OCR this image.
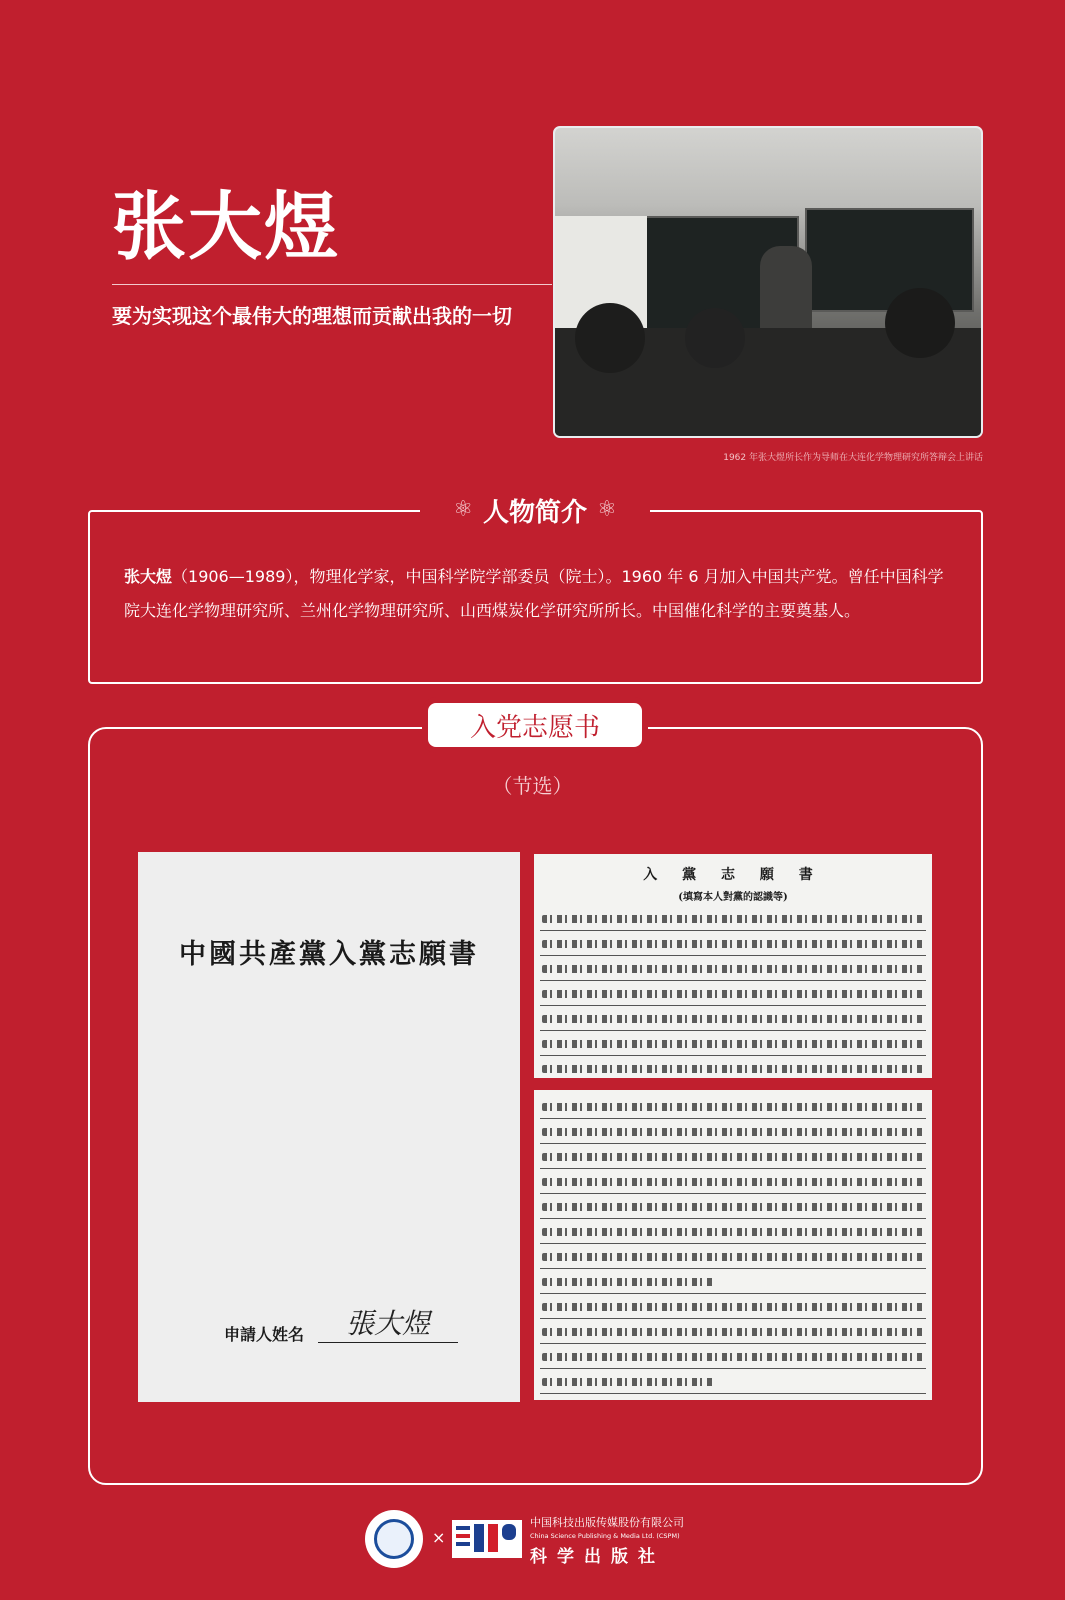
张大煜
要为实现这个最伟大的理想而贡献出我的一切
1962 年张大煜所长作为导师在大连化学物理研究所答辩会上讲话
⚛ 人物简介 ⚛
张大煜（1906—1989），物理化学家，中国科学院学部委员（院士）。1960 年 6 月加入中国共产党。曾任中国科学院大连化学物理研究所、兰州化学物理研究所、山西煤炭化学研究所所长。中国催化科学的主要奠基人。
入党志愿书
（节选）
中國共產黨入黨志願書
申請人姓名	張大煜
入 黨 志 願 書
(填寫本人對黨的認識等)
×
中国科技出版传媒股份有限公司
China Science Publishing & Media Ltd. (CSPM)
科学出版社
